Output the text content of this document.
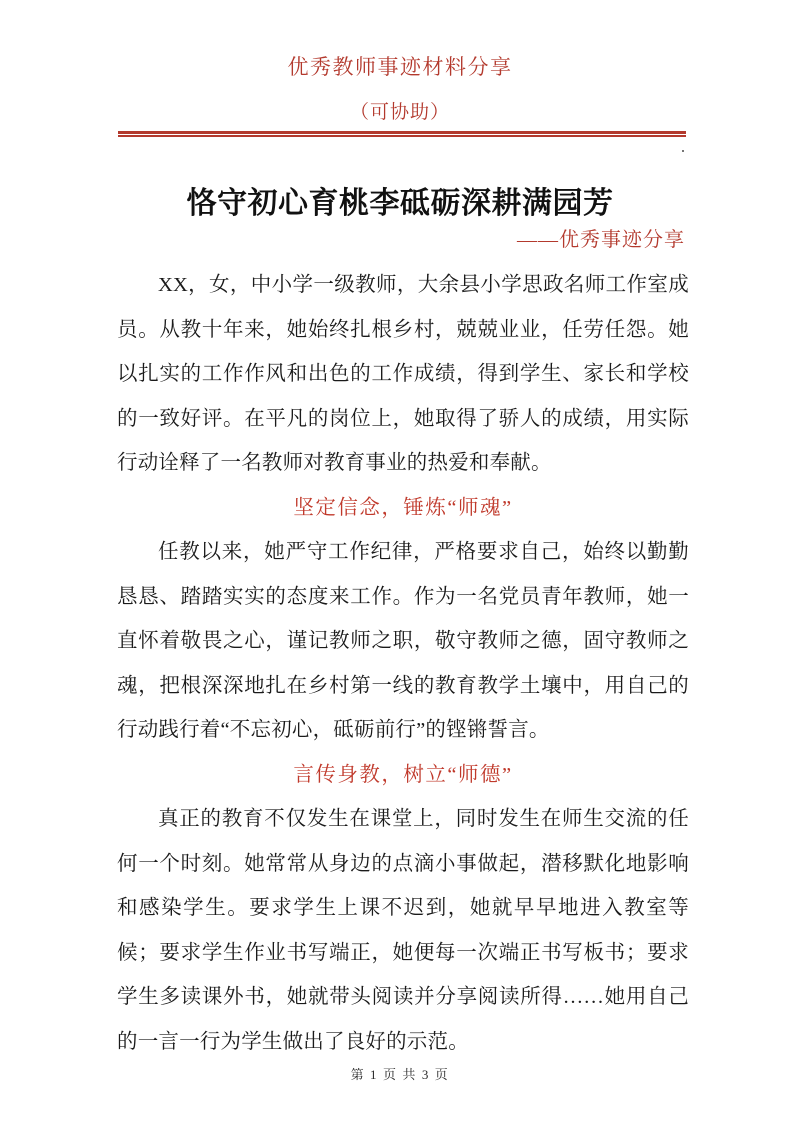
优秀教师事迹材料分享
（可协助）
恪守初心育桃李砥砺深耕满园芳
——优秀事迹分享

XX，女，中小学一级教师，大余县小学思政名师工作室成员。从教十年来，她始终扎根乡村，兢兢业业，任劳任怨。她以扎实的工作作风和出色的工作成绩，得到学生、家长和学校的一致好评。在平凡的岗位上，她取得了骄人的成绩，用实际行动诠释了一名教师对教育事业的热爱和奉献。

坚定信念，锤炼“师魂”

任教以来，她严守工作纪律，严格要求自己，始终以勤勤恳恳、踏踏实实的态度来工作。作为一名党员青年教师，她一直怀着敬畏之心，谨记教师之职，敬守教师之德，固守教师之魂，把根深深地扎在乡村第一线的教育教学土壤中，用自己的行动践行着“不忘初心，砥砺前行”的铿锵誓言。

言传身教，树立“师德”

真正的教育不仅发生在课堂上，同时发生在师生交流的任何一个时刻。她常常从身边的点滴小事做起，潜移默化地影响和感染学生。要求学生上课不迟到，她就早早地进入教室等候；要求学生作业书写端正，她便每一次端正书写板书；要求学生多读课外书，她就带头阅读并分享阅读所得……她用自己的一言一行为学生做出了良好的示范。

第 1 页 共 3 页
